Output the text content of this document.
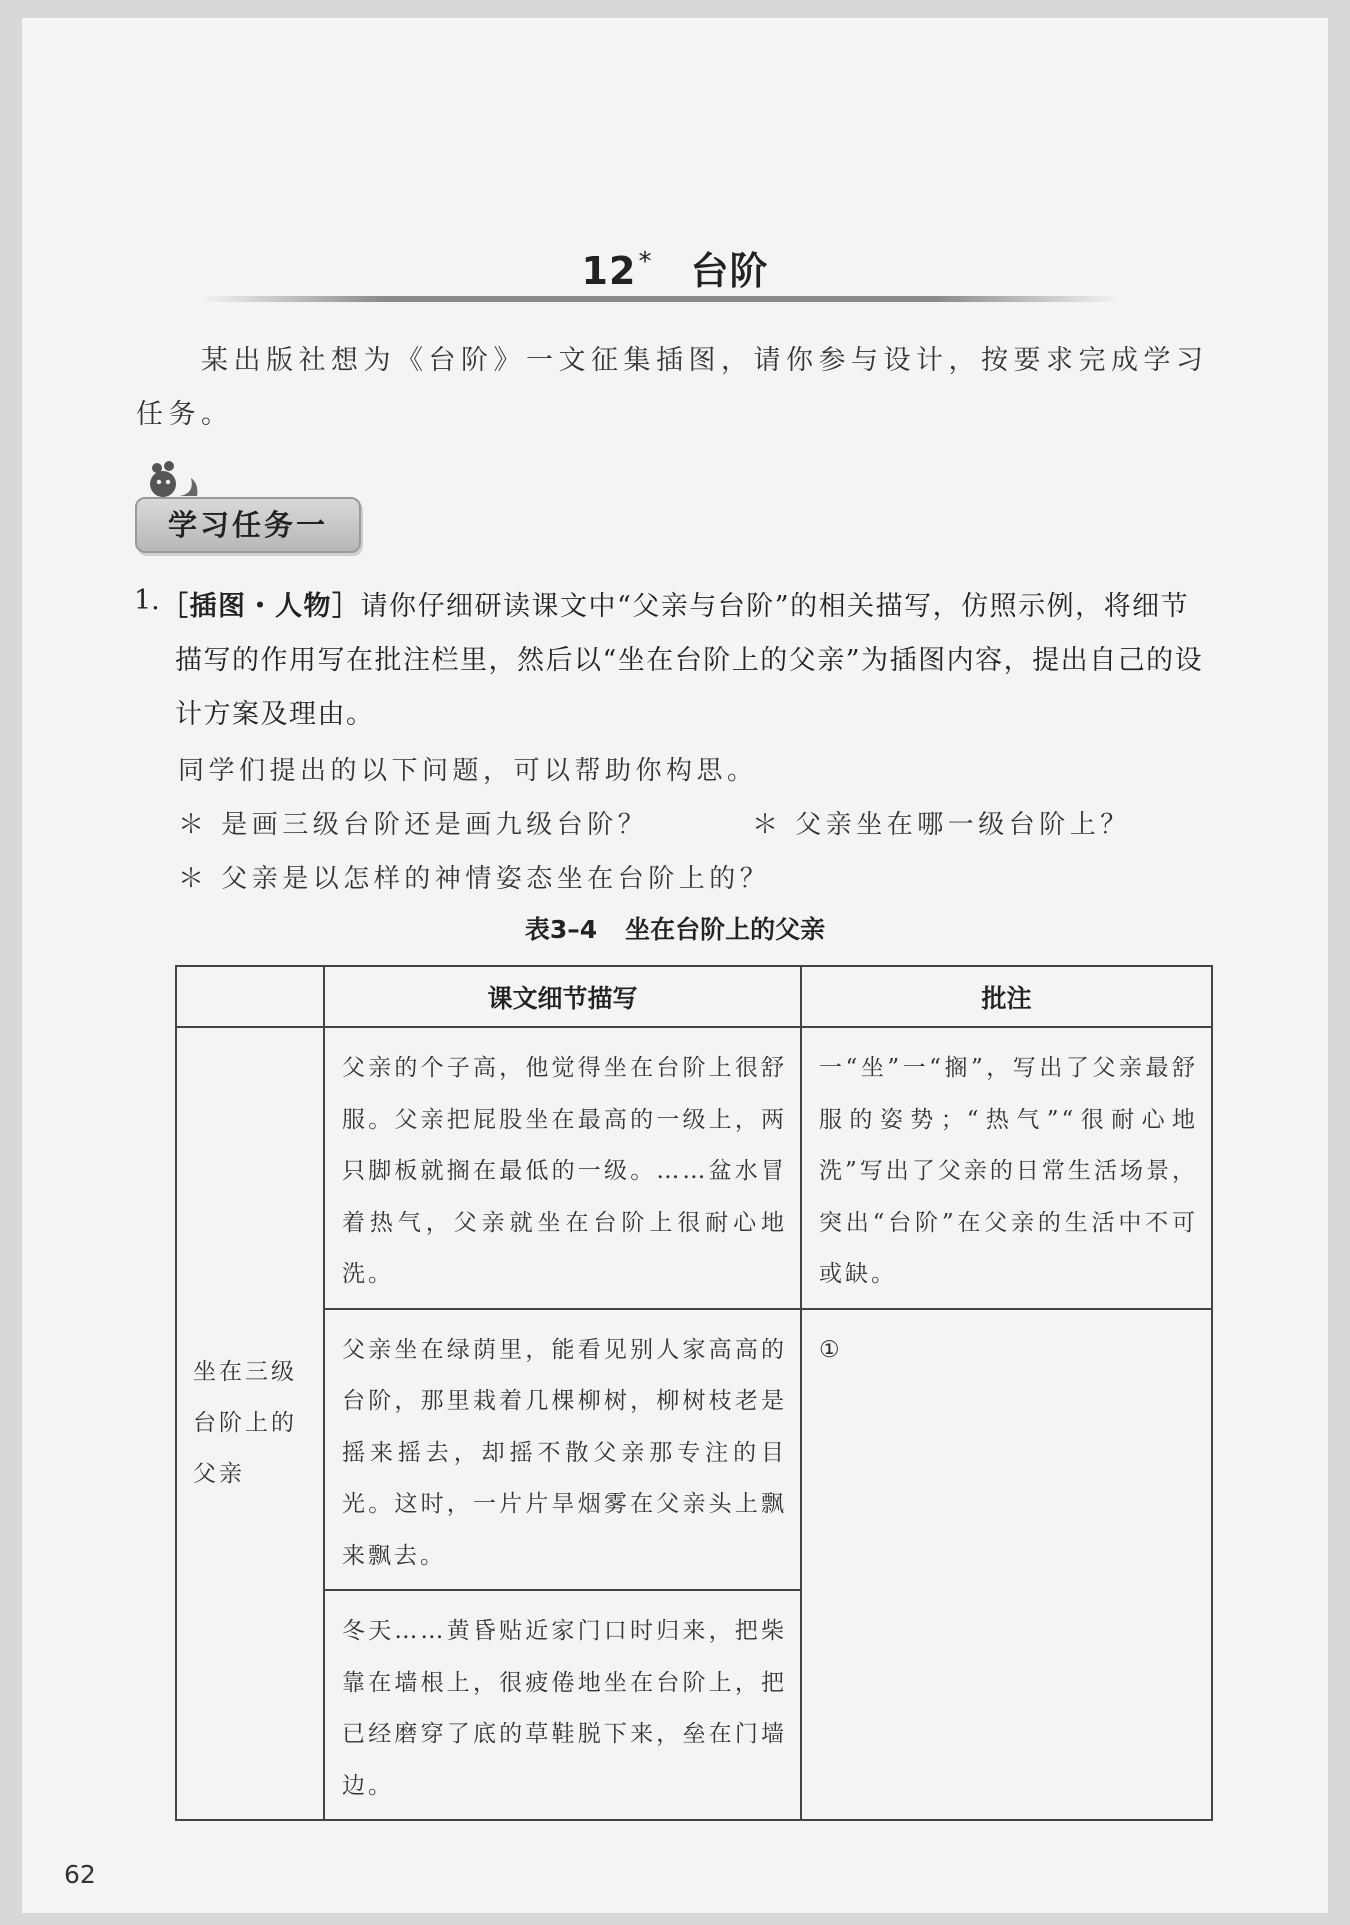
12* 台阶
某出版社想为《台阶》一文征集插图，请你参与设计，按要求完成学习任务。
学习任务一
1. ［插图・人物］请你仔细研读课文中“父亲与台阶”的相关描写，仿照示例，将细节描写的作用写在批注栏里，然后以“坐在台阶上的父亲”为插图内容，提出自己的设计方案及理由。
同学们提出的以下问题，可以帮助你构思。
＊ 是画三级台阶还是画九级台阶？	＊ 父亲坐在哪一级台阶上？
＊ 父亲是以怎样的神情姿态坐在台阶上的？
表3–4 坐在台阶上的父亲
	课文细节描写	批注
坐在三级台阶上的父亲	父亲的个子高，他觉得坐在台阶上很舒服。父亲把屁股坐在最高的一级上，两只脚板就搁在最低的一级。……盆水冒着热气，父亲就坐在台阶上很耐心地洗。	一“坐”一“搁”，写出了父亲最舒服的姿势；“热气”“很耐心地洗”写出了父亲的日常生活场景，突出“台阶”在父亲的生活中不可或缺。

	父亲坐在绿荫里，能看见别人家高高的台阶，那里栽着几棵柳树，柳树枝老是摇来摇去，却摇不散父亲那专注的目光。这时，一片片旱烟雾在父亲头上飘来飘去。	①

	冬天……黄昏贴近家门口时归来，把柴靠在墙根上，很疲倦地坐在台阶上，把已经磨穿了底的草鞋脱下来，垒在门墙边。	
62
